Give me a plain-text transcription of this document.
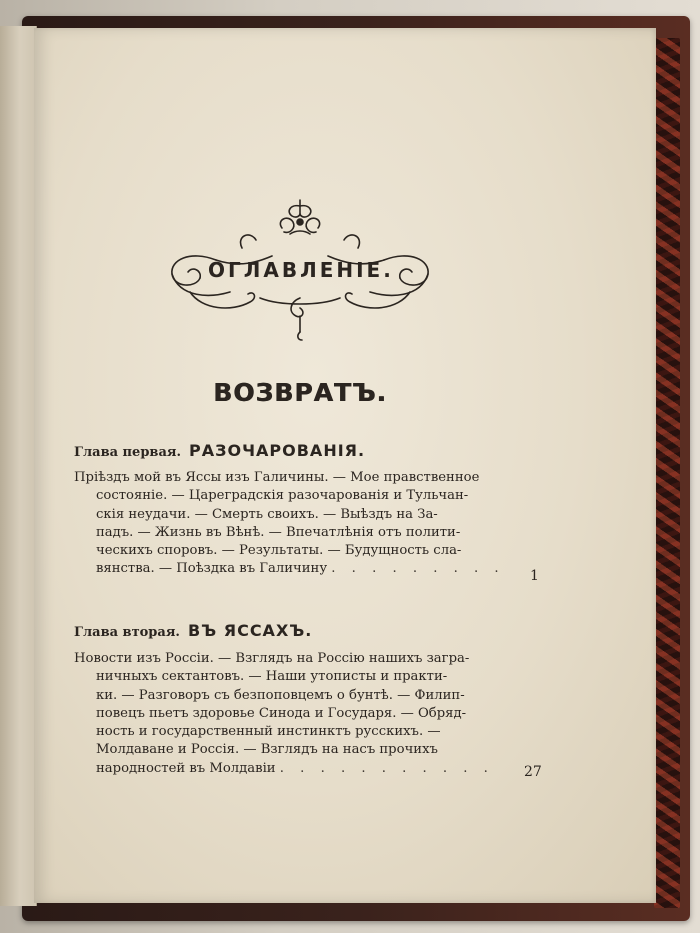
ОГЛАВЛЕНІЕ.
ВОЗВРАТЪ.
Глава первая. РАЗОЧАРОВАНІЯ.
Пріѣздъ мой въ Яссы изъ Галичины. — Мое правственное
состояніе. — Цареградскія разочарованія и Тульчан-
скія неудачи. — Смерть своихъ. — Выѣздъ на За-
падъ. — Жизнь въ Вѣнѣ. — Впечатлѣнія отъ полити-
ческихъ споровъ. — Результаты. — Будущность сла-
вянства. — Поѣздка въ Галичину . . . . . . . . .	1
Глава вторая. ВЪ ЯССАХЪ.
Новости изъ Россіи. — Взглядъ на Россію нашихъ загра-
ничныхъ сектантовъ. — Наши утописты и практи-
ки. — Разговоръ съ безпоповцемъ о бунтѣ. — Филип-
повецъ пьетъ здоровье Синода и Государя. — Обряд-
ность и государственный инстинктъ русскихъ. —
Молдаване и Россія. — Взглядъ на насъ прочихъ
народностей въ Молдавіи . . . . . . . . . . .	27
